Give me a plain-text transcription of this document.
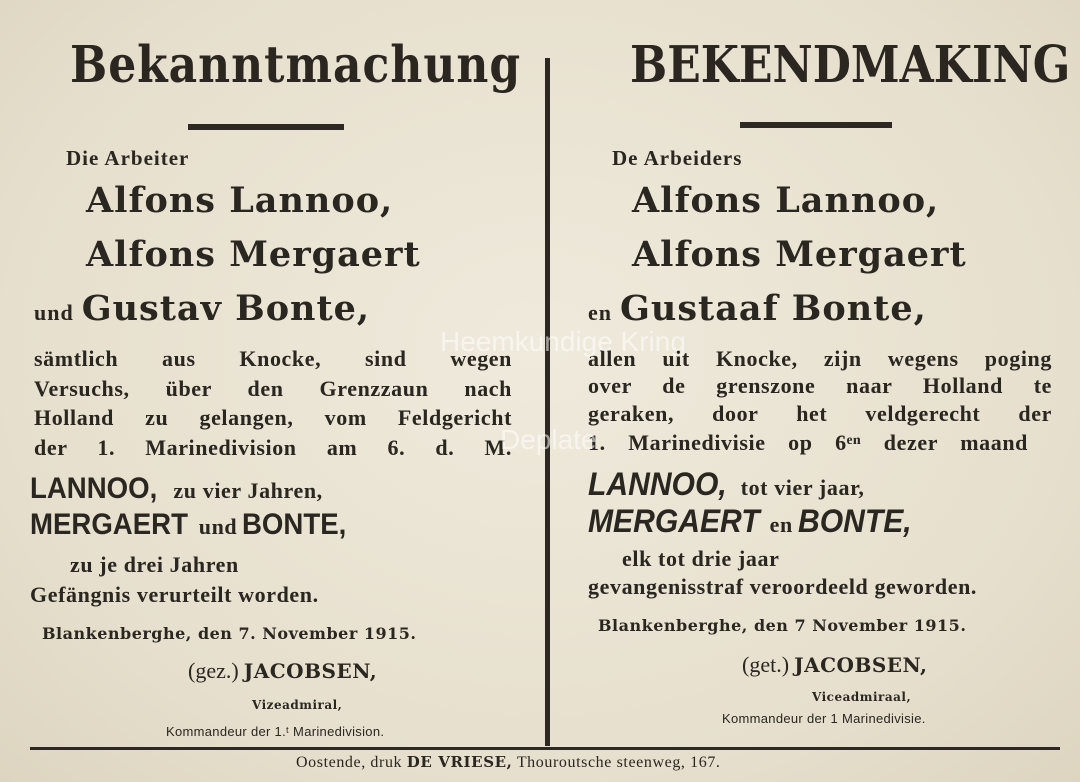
Bekanntmachung
Die Arbeiter
Alfons Lannoo,
Alfons Mergaert
und Gustav Bonte,
sämtlich aus Knocke, sind wegen
Versuchs, über den Grenzzaun nach
Holland zu gelangen, vom Feldgericht
der 1. Marinedivision am 6. d. M.
LANNOO, zu vier Jahren,
MERGAERT und BONTE,
zu je drei Jahren
Gefängnis verurteilt worden.
Blankenberghe, den 7. November 1915.
(gez.) JACOBSEN,
Vizeadmiral,
Kommandeur der 1.ᵗ Marinedivision.
BEKENDMAKING
De Arbeiders
Alfons Lannoo,
Alfons Mergaert
en Gustaaf Bonte,
allen uit Knocke, zijn wegens poging
over de grenszone naar Holland te
geraken, door het veldgerecht der
1. Marinedivisie op 6ᵉⁿ dezer maand
LANNOO, tot vier jaar,
MERGAERT en BONTE,
elk tot drie jaar
gevangenisstraf veroordeeld geworden.
Blankenberghe, den 7 November 1915.
(get.) JACOBSEN,
Viceadmiraal,
Kommandeur der 1 Marinedivisie.
Oostende, druk DE VRIESE, Thouroutsche steenweg, 167.
Heemkundige Kring
Deplate
